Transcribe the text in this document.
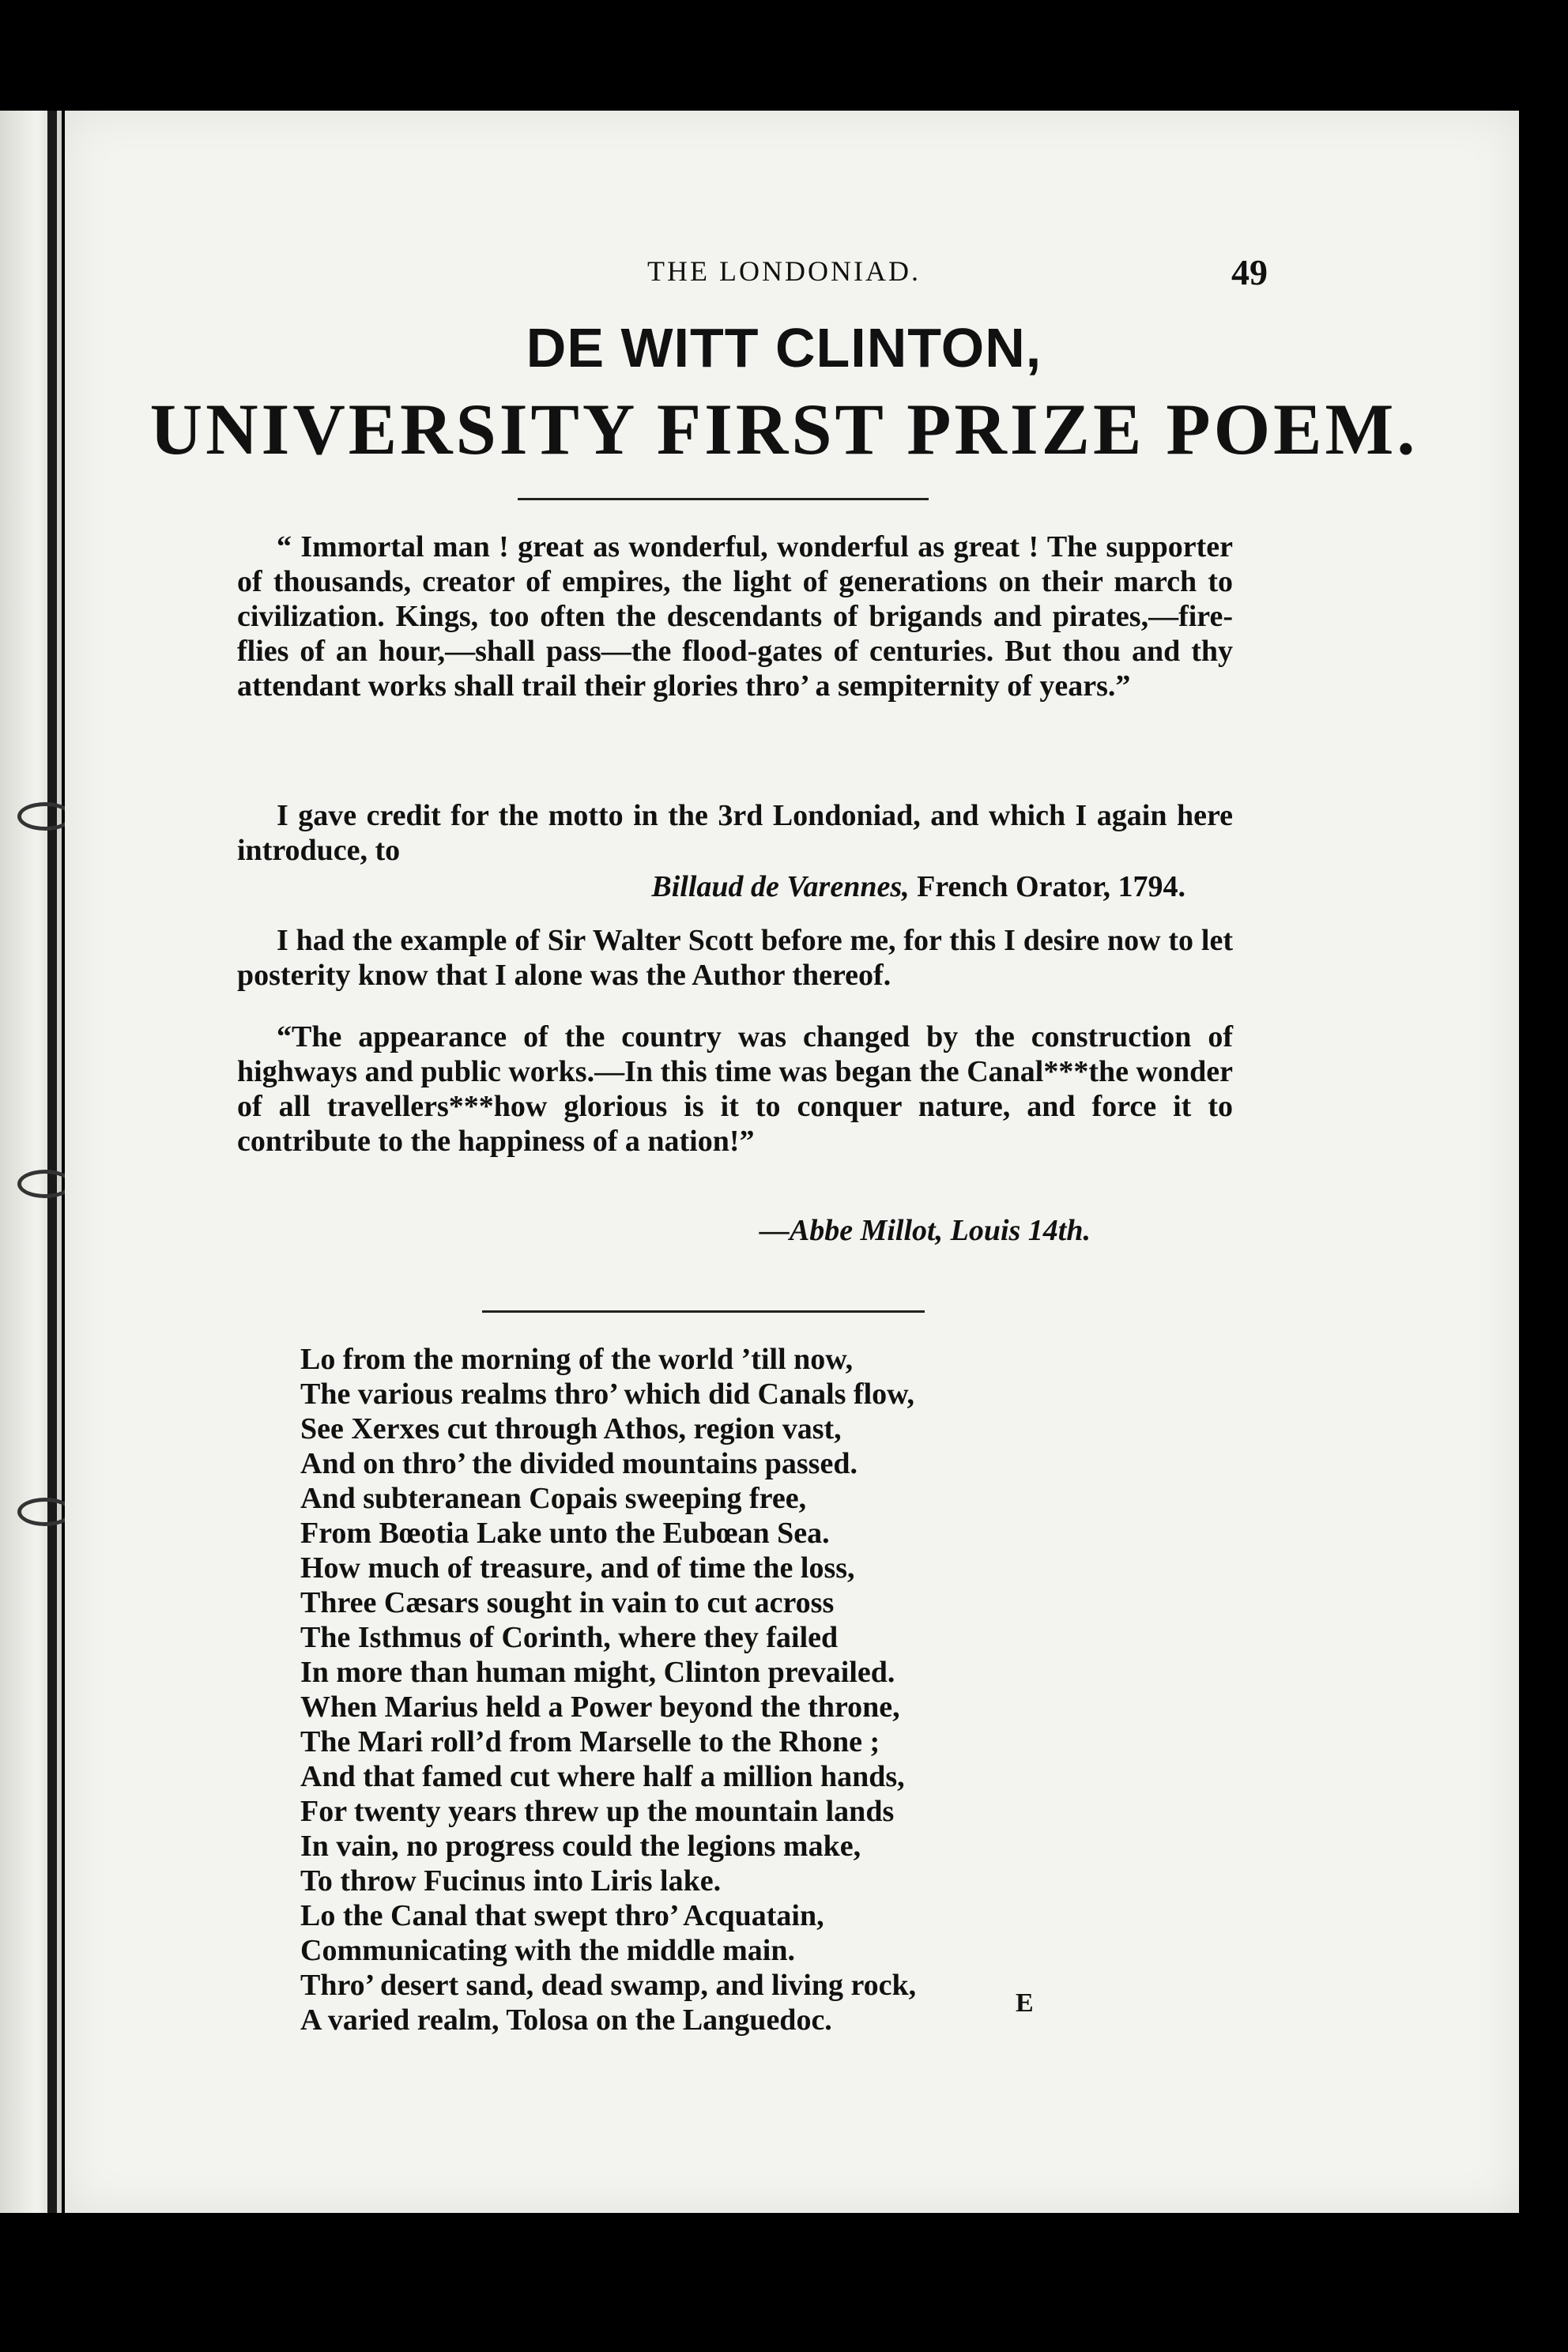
THE LONDONIAD.	49
DE WITT CLINTON,
UNIVERSITY FIRST PRIZE POEM.

“ Immortal man ! great as wonderful, wonderful as great ! The supporter of thousands, creator of empires, the light of generations on their march to civilization. Kings, too often the descendants of brigands and pirates,—fire-flies of an hour,—shall pass—the flood-gates of centuries. But thou and thy attendant works shall trail their glories thro’ a sempiternity of years.”

I gave credit for the motto in the 3rd Londoniad, and which I again here introduce, to

Billaud de Varennes, French Orator, 1794.

I had the example of Sir Walter Scott before me, for this I desire now to let posterity know that I alone was the Author thereof.

“The appearance of the country was changed by the construction of highways and public works.—In this time was began the Canal***the wonder of all travellers***how glorious is it to conquer nature, and force it to contribute to the happiness of a nation!”

—Abbe Millot, Louis 14th.
Lo from the morning of the world ’till now,
The various realms thro’ which did Canals flow,
See Xerxes cut through Athos, region vast,
And on thro’ the divided mountains passed.
And subteranean Copais sweeping free,
From Bœotia Lake unto the Eubœan Sea.
How much of treasure, and of time the loss,
Three Cæsars sought in vain to cut across
The Isthmus of Corinth, where they failed
In more than human might, Clinton prevailed.
When Marius held a Power beyond the throne,
The Mari roll’d from Marselle to the Rhone ;
And that famed cut where half a million hands,
For twenty years threw up the mountain lands
In vain, no progress could the legions make,
To throw Fucinus into Liris lake.
Lo the Canal that swept thro’ Acquatain,
Communicating with the middle main.
Thro’ desert sand, dead swamp, and living rock,
A varied realm, Tolosa on the Languedoc.
E
